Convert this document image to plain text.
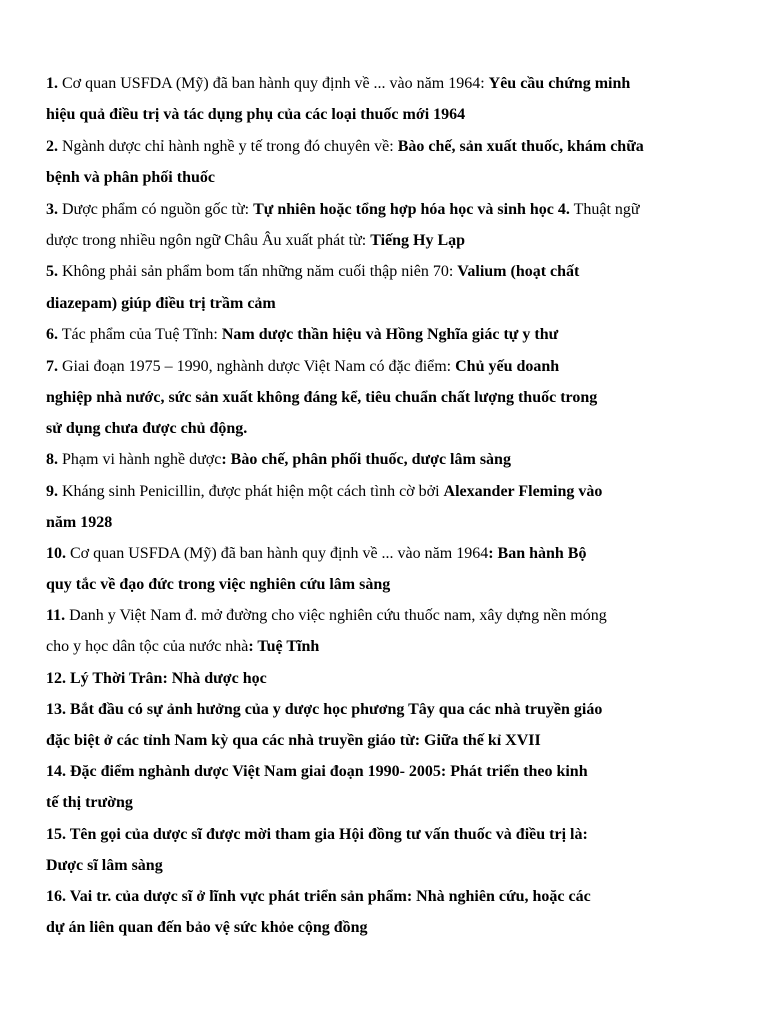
1. Cơ quan USFDA (Mỹ) đã ban hành quy định về ... vào năm 1964: Yêu cầu chứng minh
hiệu quả điều trị và tác dụng phụ của các loại thuốc mới 1964
2. Ngành dược chỉ hành nghề y tế trong đó chuyên về: Bào chế, sản xuất thuốc, khám chữa
bệnh và phân phối thuốc
3. Dược phẩm có nguồn gốc từ: Tự nhiên hoặc tổng hợp hóa học và sinh học 4. Thuật ngữ
dược trong nhiều ngôn ngữ Châu Âu xuất phát từ: Tiếng Hy Lạp
5. Không phải sản phẩm bom tấn những năm cuối thập niên 70: Valium (hoạt chất
diazepam) giúp điều trị trầm cảm
6. Tác phẩm của Tuệ Tĩnh: Nam dược thần hiệu và Hồng Nghĩa giác tự y thư
7. Giai đoạn 1975 – 1990, nghành dược Việt Nam có đặc điểm: Chủ yếu doanh
nghiệp nhà nước, sức sản xuất không đáng kể, tiêu chuẩn chất lượng thuốc trong
sử dụng chưa được chủ động.
8. Phạm vi hành nghề dược: Bào chế, phân phối thuốc, dược lâm sàng
9. Kháng sinh Penicillin, được phát hiện một cách tình cờ bởi Alexander Fleming vào
năm 1928
10. Cơ quan USFDA (Mỹ) đã ban hành quy định về ... vào năm 1964: Ban hành Bộ
quy tắc về đạo đức trong việc nghiên cứu lâm sàng
11. Danh y Việt Nam đ. mở đường cho việc nghiên cứu thuốc nam, xây dựng nền móng
cho y học dân tộc của nước nhà: Tuệ Tĩnh
12. Lý Thời Trân: Nhà dược học
13. Bắt đầu có sự ảnh hưởng của y dược học phương Tây qua các nhà truyền giáo
đặc biệt ở các tỉnh Nam kỳ qua các nhà truyền giáo từ: Giữa thế kỉ XVII
14. Đặc điểm nghành dược Việt Nam giai đoạn 1990- 2005: Phát triển theo kinh
tế thị trường
15. Tên gọi của dược sĩ được mời tham gia Hội đồng tư vấn thuốc và điều trị là:
Dược sĩ lâm sàng
16. Vai tr. của dược sĩ ở lĩnh vực phát triển sản phẩm: Nhà nghiên cứu, hoặc các
dự án liên quan đến bảo vệ sức khỏe cộng đồng
